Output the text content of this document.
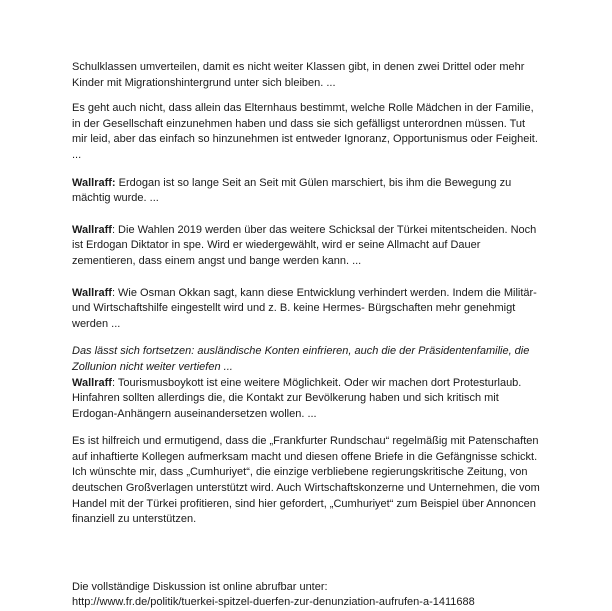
Schulklassen umverteilen, damit es nicht weiter Klassen gibt, in denen zwei Drittel oder mehr Kinder mit Migrationshintergrund unter sich bleiben. ...

Es geht auch nicht, dass allein das Elternhaus bestimmt, welche Rolle Mädchen in der Familie, in der Gesellschaft einzunehmen haben und dass sie sich gefälligst unterordnen müssen. Tut mir leid, aber das einfach so hinzunehmen ist entweder Ignoranz, Opportunismus oder Feigheit. ...

Wallraff: Erdogan ist so lange Seit an Seit mit Gülen marschiert, bis ihm die Bewegung zu mächtig wurde. ...

Wallraff: Die Wahlen 2019 werden über das weitere Schicksal der Türkei mitentscheiden. Noch ist Erdogan Diktator in spe. Wird er wiedergewählt, wird er seine Allmacht auf Dauer zementieren, dass einem angst und bange werden kann. ...

Wallraff: Wie Osman Okkan sagt, kann diese Entwicklung verhindert werden. Indem die Militär- und Wirtschaftshilfe eingestellt wird und z. B. keine Hermes- Bürgschaften mehr genehmigt werden ...

Das lässt sich fortsetzen: ausländische Konten einfrieren, auch die der Präsidentenfamilie, die Zollunion nicht weiter vertiefen ...

Wallraff: Tourismusboykott ist eine weitere Möglichkeit. Oder wir machen dort Protesturlaub. Hinfahren sollten allerdings die, die Kontakt zur Bevölkerung haben und sich kritisch mit Erdogan-Anhängern auseinandersetzen wollen. ...

Es ist hilfreich und ermutigend, dass die „Frankfurter Rundschau“ regelmäßig mit Patenschaften auf inhaftierte Kollegen aufmerksam macht und diesen offene Briefe in die Gefängnisse schickt. Ich wünschte mir, dass „Cumhuriyet“, die einzige verbliebene regierungskritische Zeitung, von deutschen Großverlagen unterstützt wird. Auch Wirtschaftskonzerne und Unternehmen, die vom Handel mit der Türkei profitieren, sind hier gefordert, „Cumhuriyet“ zum Beispiel über Annoncen finanziell zu unterstützen.

Die vollständige Diskussion ist online abrufbar unter:

http://www.fr.de/politik/tuerkei-spitzel-duerfen-zur-denunziation-aufrufen-a-1411688
